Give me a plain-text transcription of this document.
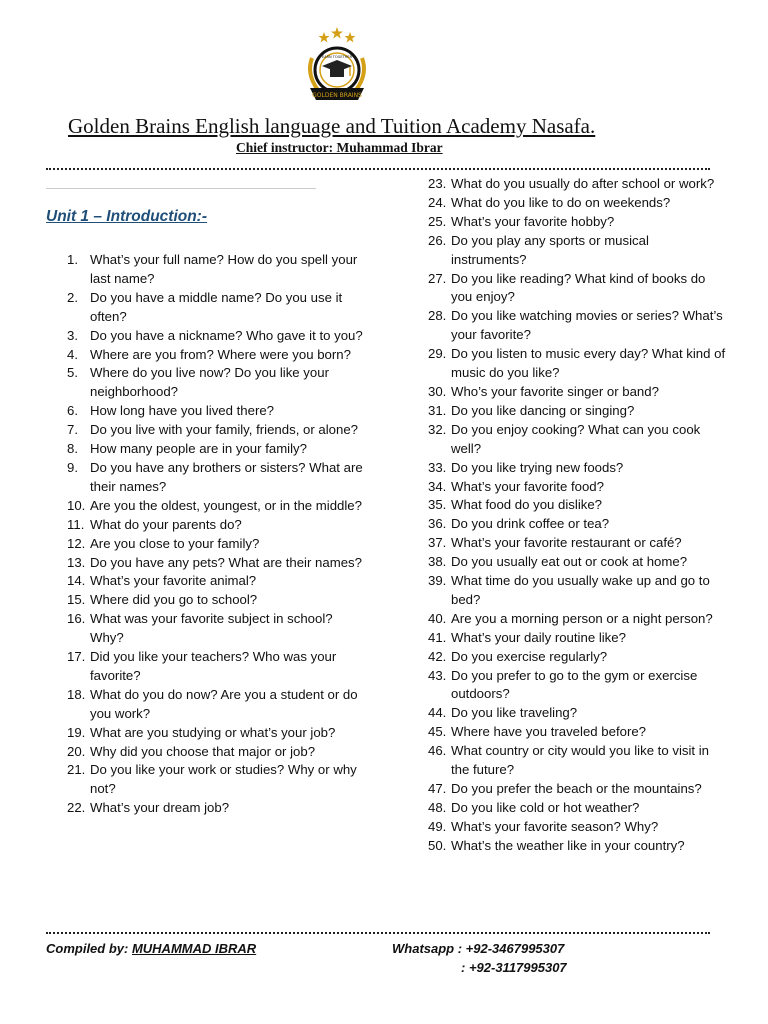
GOLDEN BRAINS
EARN TOGETHER
Golden Brains English language and Tuition Academy Nasafa.
Chief instructor: Muhammad Ibrar
Unit 1 – Introduction:-
1. What’s your full name? How do you spell your last name?
2. Do you have a middle name? Do you use it often?
3. Do you have a nickname? Who gave it to you?
4. Where are you from? Where were you born?
5. Where do you live now? Do you like your neighborhood?
6. How long have you lived there?
7. Do you live with your family, friends, or alone?
8. How many people are in your family?
9. Do you have any brothers or sisters? What are their names?
10. Are you the oldest, youngest, or in the middle?
11. What do your parents do?
12. Are you close to your family?
13. Do you have any pets? What are their names?
14. What’s your favorite animal?
15. Where did you go to school?
16. What was your favorite subject in school? Why?
17. Did you like your teachers? Who was your favorite?
18. What do you do now? Are you a student or do you work?
19. What are you studying or what’s your job?
20. Why did you choose that major or job?
21. Do you like your work or studies? Why or why not?
22. What’s your dream job?
23. What do you usually do after school or work?
24. What do you like to do on weekends?
25. What’s your favorite hobby?
26. Do you play any sports or musical instruments?
27. Do you like reading? What kind of books do you enjoy?
28. Do you like watching movies or series? What’s your favorite?
29. Do you listen to music every day? What kind of music do you like?
30. Who’s your favorite singer or band?
31. Do you like dancing or singing?
32. Do you enjoy cooking? What can you cook well?
33. Do you like trying new foods?
34. What’s your favorite food?
35. What food do you dislike?
36. Do you drink coffee or tea?
37. What’s your favorite restaurant or café?
38. Do you usually eat out or cook at home?
39. What time do you usually wake up and go to bed?
40. Are you a morning person or a night person?
41. What’s your daily routine like?
42. Do you exercise regularly?
43. Do you prefer to go to the gym or exercise outdoors?
44. Do you like traveling?
45. Where have you traveled before?
46. What country or city would you like to visit in the future?
47. Do you prefer the beach or the mountains?
48. Do you like cold or hot weather?
49. What’s your favorite season? Why?
50. What’s the weather like in your country?
Compiled by: MUHAMMAD IBRAR	Whatsapp : +92-3467995307
: +92-3117995307
